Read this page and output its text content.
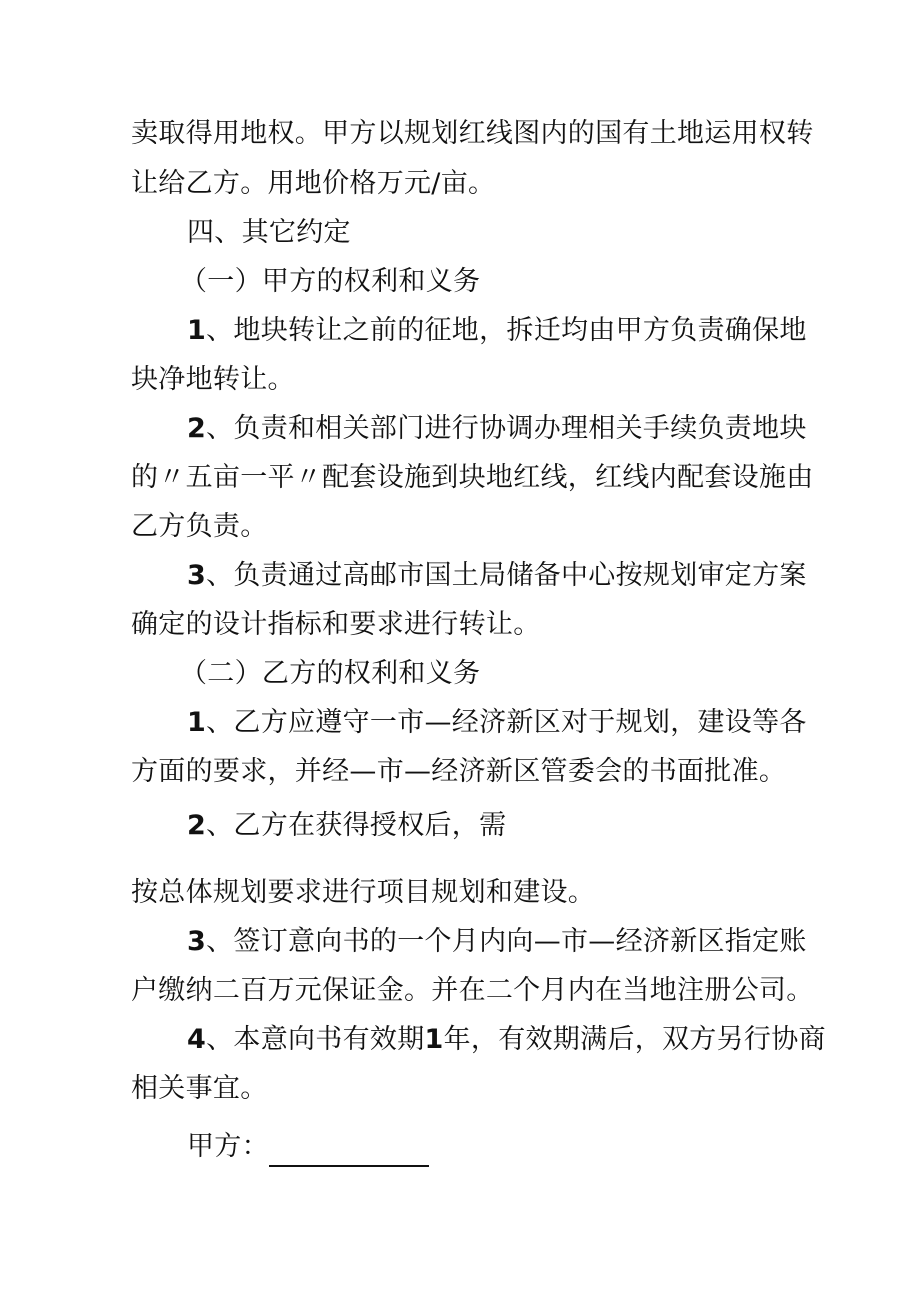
卖取得用地权。甲方以规划红线图内的国有土地运用权转
让给乙方。用地价格万元/亩。
四、其它约定
（一）甲方的权利和义务
1、地块转让之前的征地，拆迁均由甲方负责确保地
块净地转让。
2、负责和相关部门进行协调办理相关手续负责地块
的〃五亩一平〃配套设施到块地红线，红线内配套设施由
乙方负责。
3、负责通过高邮市国土局储备中心按规划审定方案
确定的设计指标和要求进行转让。
（二）乙方的权利和义务
1、乙方应遵守一市—经济新区对于规划，建设等各
方面的要求，并经—市—经济新区管委会的书面批准。
2、乙方在获得授权后，需
按总体规划要求进行项目规划和建设。
3、签订意向书的一个月内向—市—经济新区指定账
户缴纳二百万元保证金。并在二个月内在当地注册公司。
4、本意向书有效期1年，有效期满后，双方另行协商
相关事宜。
甲方：
